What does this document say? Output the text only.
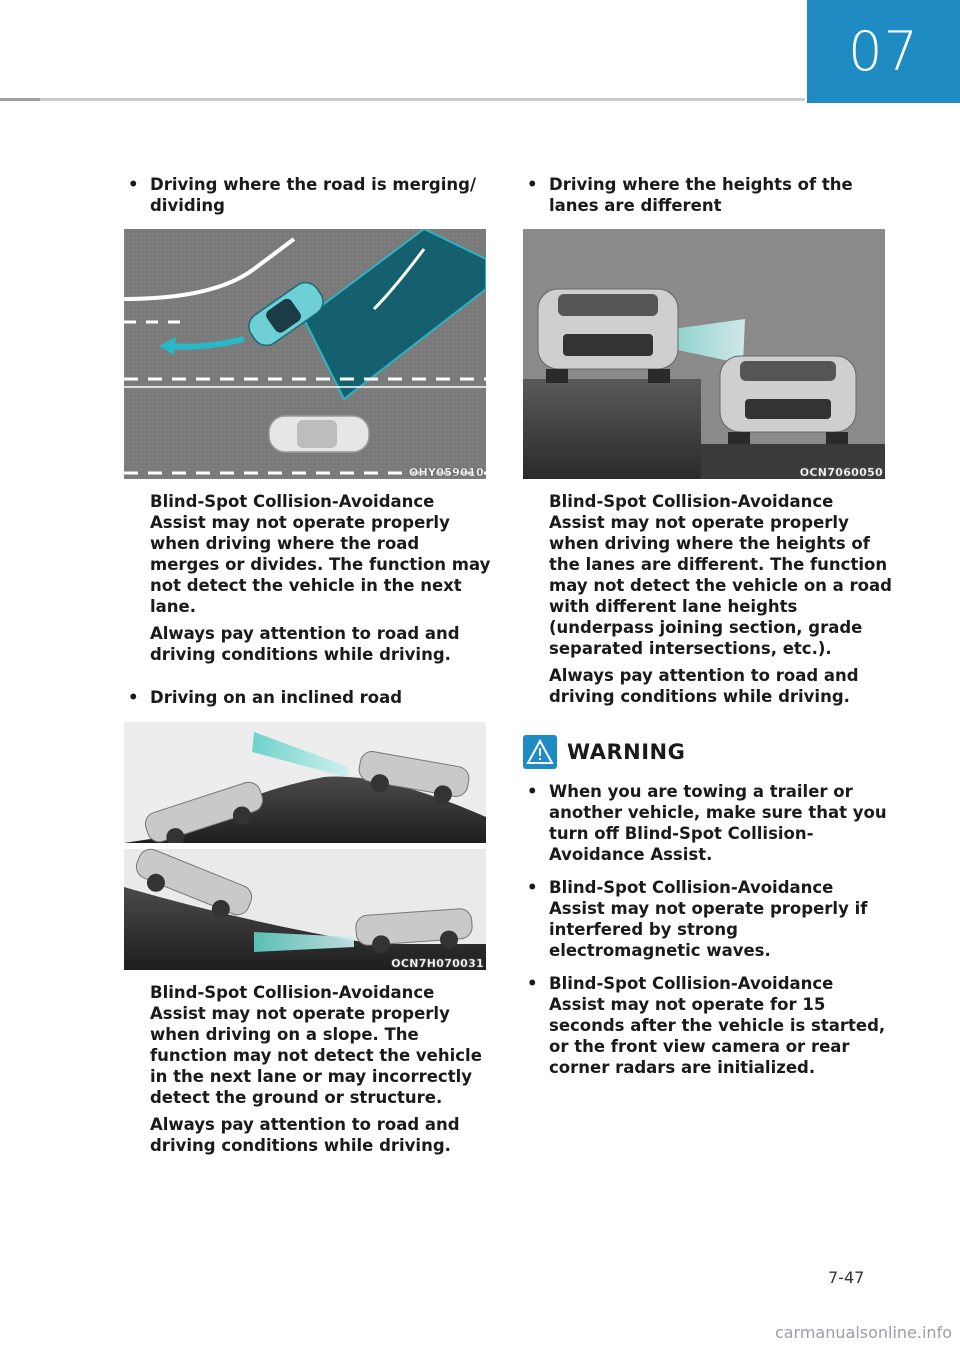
07
• Driving where the road is merging/ dividing
OHY059010
Blind-Spot Collision-Avoidance Assist may not operate properly when driving where the road merges or divides. The function may not detect the vehicle in the next lane.
Always pay attention to road and driving conditions while driving.
• Driving on an inclined road
OCN7H070031
Blind-Spot Collision-Avoidance Assist may not operate properly when driving on a slope. The function may not detect the vehicle in the next lane or may incorrectly detect the ground or structure.
Always pay attention to road and driving conditions while driving.
• Driving where the heights of the lanes are different
OCN7060050
Blind-Spot Collision-Avoidance Assist may not operate properly when driving where the heights of the lanes are different. The function may not detect the vehicle on a road with different lane heights (underpass joining section, grade separated intersections, etc.).
Always pay attention to road and driving conditions while driving.
WARNING
• When you are towing a trailer or another vehicle, make sure that you turn off Blind-Spot Collision-Avoidance Assist.
• Blind-Spot Collision-Avoidance Assist may not operate properly if interfered by strong electromagnetic waves.
• Blind-Spot Collision-Avoidance Assist may not operate for 15 seconds after the vehicle is started, or the front view camera or rear corner radars are initialized.
7-47
carmanualsonline.info
